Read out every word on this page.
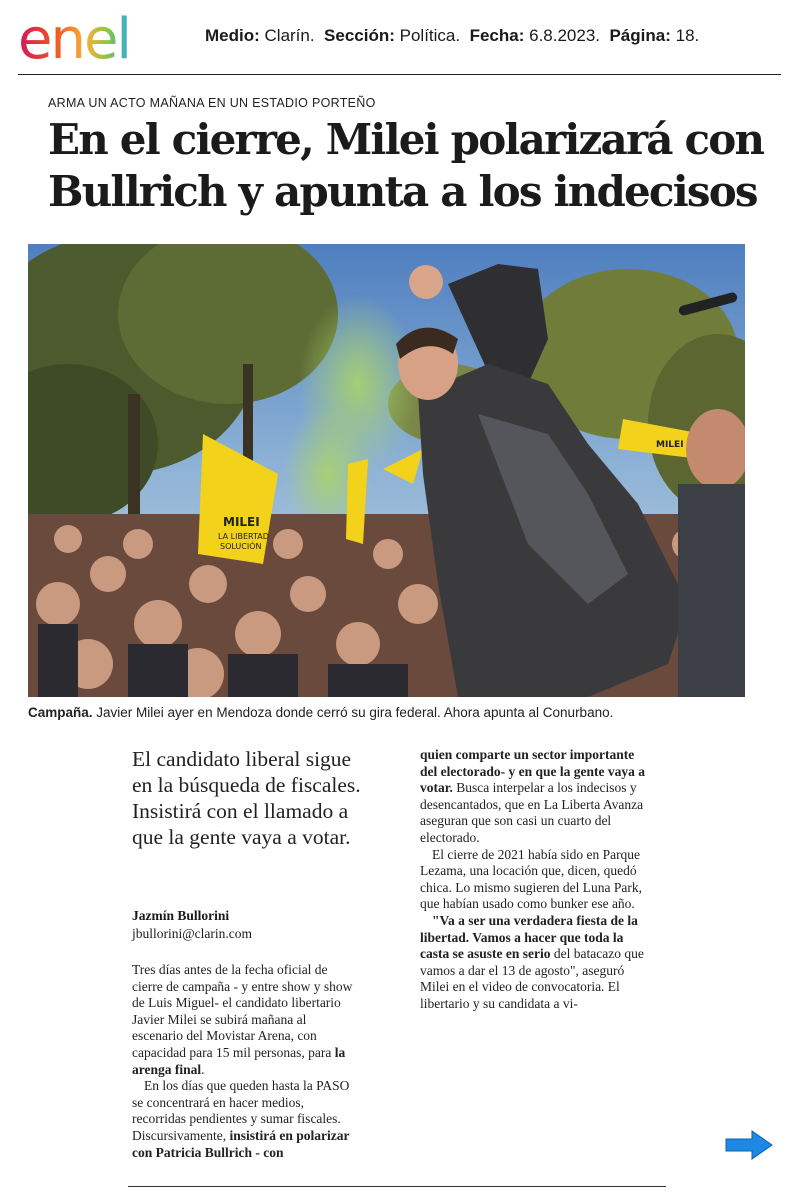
enel	Medio: Clarín. Sección: Política. Fecha: 6.8.2023. Página: 18.
ARMA UN ACTO MAÑANA EN UN ESTADIO PORTEÑO
En el cierre, Milei polarizará con
Bullrich y apunta a los indecisos
MILEI
LA LIBERTAD
SOLUCIÓN
MILEI
Campaña. Javier Milei ayer en Mendoza donde cerró su gira federal. Ahora apunta al Conurbano.
El candidato liberal sigue en la búsqueda de fiscales. Insistirá con el llamado a que la gente vaya a votar.
Jazmín Bullorini
jbullorini@clarin.com

Tres días antes de la fecha oficial de cierre de campaña - y entre show y show de Luis Miguel- el candidato libertario Javier Milei se subirá mañana al escenario del Movistar Arena, con capacidad para 15 mil personas, para la arenga final.

En los días que queden hasta la PASO se concentrará en hacer medios, recorridas pendientes y sumar fiscales. Discursivamente, insistirá en polarizar con Patricia Bullrich - con

quien comparte un sector importante del electorado- y en que la gente vaya a votar. Busca interpelar a los indecisos y desencantados, que en La Liberta Avanza aseguran que son casi un cuarto del electorado.

El cierre de 2021 había sido en Parque Lezama, una locación que, dicen, quedó chica. Lo mismo sugieren del Luna Park, que habían usado como bunker ese año.

"Va a ser una verdadera fiesta de la libertad. Vamos a hacer que toda la casta se asuste en serio del batacazo que vamos a dar el 13 de agosto", aseguró Milei en el video de convocatoria. El libertario y su candidata a vi-
